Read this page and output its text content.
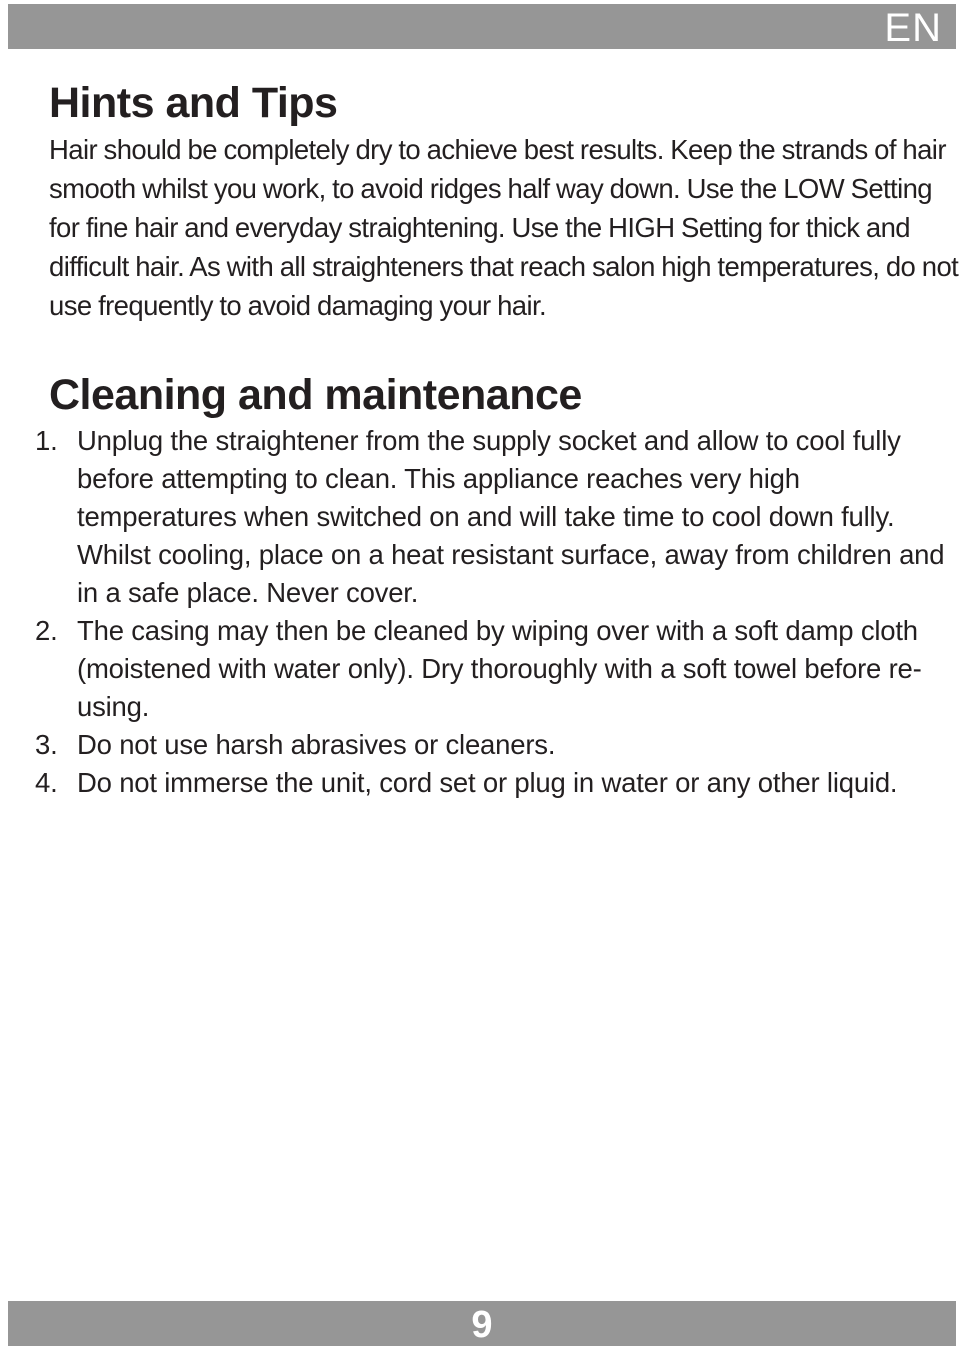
EN
Hints and Tips

Hair should be completely dry to achieve best results. Keep the strands of hair smooth whilst you work, to avoid ridges half way down. Use the LOW Setting for fine hair and everyday straightening. Use the HIGH Setting for thick and difficult hair. As with all straighteners that reach salon high temperatures, do not use frequently to avoid damaging your hair.

Cleaning and maintenance
1. Unplug the straightener from the supply socket and allow to cool fully before attempting to clean. This appliance reaches very high temperatures when switched on and will take time to cool down fully. Whilst cooling, place on a heat resistant surface, away from children and in a safe place. Never cover.
2. The casing may then be cleaned by wiping over with a soft damp cloth (moistened with water only). Dry thoroughly with a soft towel before re-using.
3. Do not use harsh abrasives or cleaners.
4. Do not immerse the unit, cord set or plug in water or any other liquid.
9
